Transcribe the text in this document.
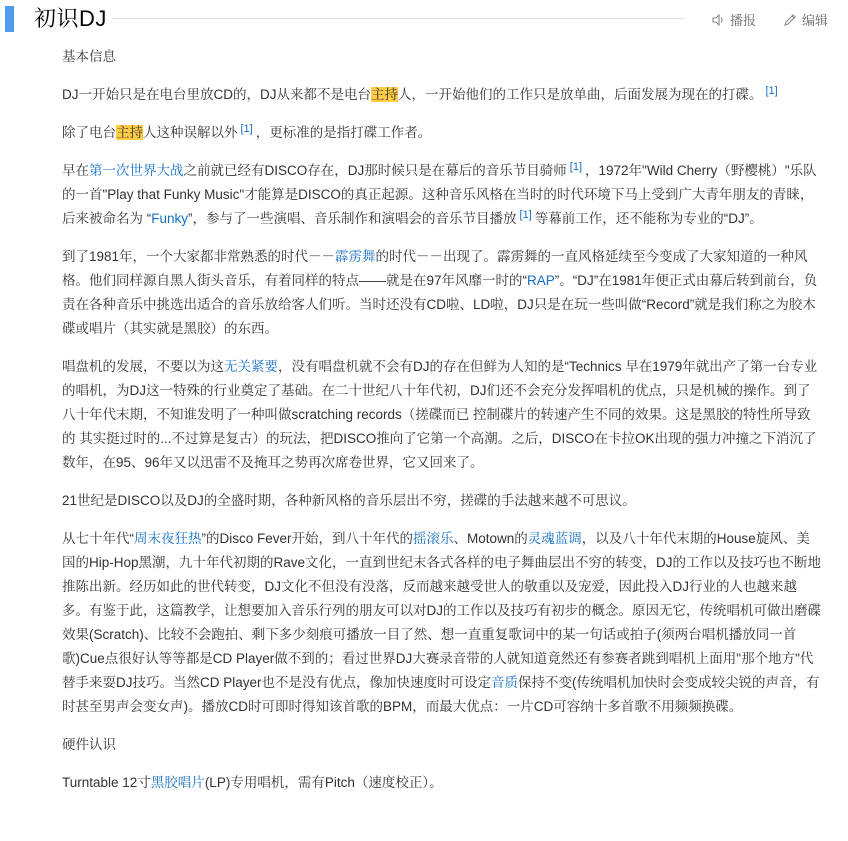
初识DJ	播报	编辑

基本信息

DJ一开始只是在电台里放CD的，DJ从来都不是电台主持人，一开始他们的工作只是放单曲，后面发展为现在的打碟。 [1]

除了电台主持人这种误解以外 [1] ，更标准的是指打碟工作者。

早在第一次世界大战之前就已经有DISCO存在，DJ那时候只是在幕后的音乐节目骑师 [1] ，1972年"Wild Cherry（野樱桃）"乐队的一首"Play that Funky Music"才能算是DISCO的真正起源。这种音乐风格在当时的时代环境下马上受到广大青年朋友的青睐，后来被命名为 “Funky”，参与了一些演唱、音乐制作和演唱会的音乐节目播放 [1] 等幕前工作，还不能称为专业的“DJ”。

到了1981年，一个大家都非常熟悉的时代－－霹雳舞的时代－－出现了。霹雳舞的一直风格延续至今变成了大家知道的一种风格。他们同样源自黑人街头音乐，有着同样的特点——就是在97年风靡一时的“RAP”。“DJ”在1981年便正式由幕后转到前台，负责在各种音乐中挑选出适合的音乐放给客人们听。当时还没有CD啦、LD啦，DJ只是在玩一些叫做“Record”就是我们称之为胶木碟或唱片（其实就是黑胶）的东西。

唱盘机的发展，不要以为这无关紧要，没有唱盘机就不会有DJ的存在但鲜为人知的是“Technics 早在1979年就出产了第一台专业的唱机，为DJ这一特殊的行业奠定了基础。在二十世纪八十年代初，DJ们还不会充分发挥唱机的优点，只是机械的操作。到了八十年代末期，不知谁发明了一种叫做scratching records（搓碟而已 控制碟片的转速产生不同的效果。这是黑胶的特性所导致的 其实挺过时的...不过算是复古）的玩法，把DISCO推向了它第一个高潮。之后，DISCO在卡拉OK出现的强力冲撞之下消沉了数年，在95、96年又以迅雷不及掩耳之势再次席卷世界，它又回来了。

21世纪是DISCO以及DJ的全盛时期，各种新风格的音乐层出不穷，搓碟的手法越来越不可思议。

从七十年代“周末夜狂热”的Disco Fever开始，到八十年代的摇滚乐、Motown的灵魂蓝调，以及八十年代末期的House旋风、美国的Hip-Hop黑潮，九十年代初期的Rave文化，一直到世纪末各式各样的电子舞曲层出不穷的转变，DJ的工作以及技巧也不断地推陈出新。经历如此的世代转变，DJ文化不但没有没落，反而越来越受世人的敬重以及宠爱，因此投入DJ行业的人也越来越多。有鉴于此，这篇教学，让想要加入音乐行列的朋友可以对DJ的工作以及技巧有初步的概念。原因无它，传统唱机可做出磨碟效果(Scratch)、比较不会跑拍、剩下多少刻痕可播放一目了然、想一直重复歌词中的某一句话或拍子(须两台唱机播放同一首歌)Cue点很好认等等都是CD Player做不到的；看过世界DJ大赛录音带的人就知道竟然还有参赛者跳到唱机上面用"那个地方"代替手来耍DJ技巧。当然CD Player也不是没有优点，像加快速度时可设定音质保持不变(传统唱机加快时会变成较尖锐的声音，有时甚至男声会变女声)。播放CD时可即时得知该首歌的BPM，而最大优点：一片CD可容纳十多首歌不用频频换碟。

硬件认识

Turntable 12寸黑胶唱片(LP)专用唱机，需有Pitch（速度校正）。
